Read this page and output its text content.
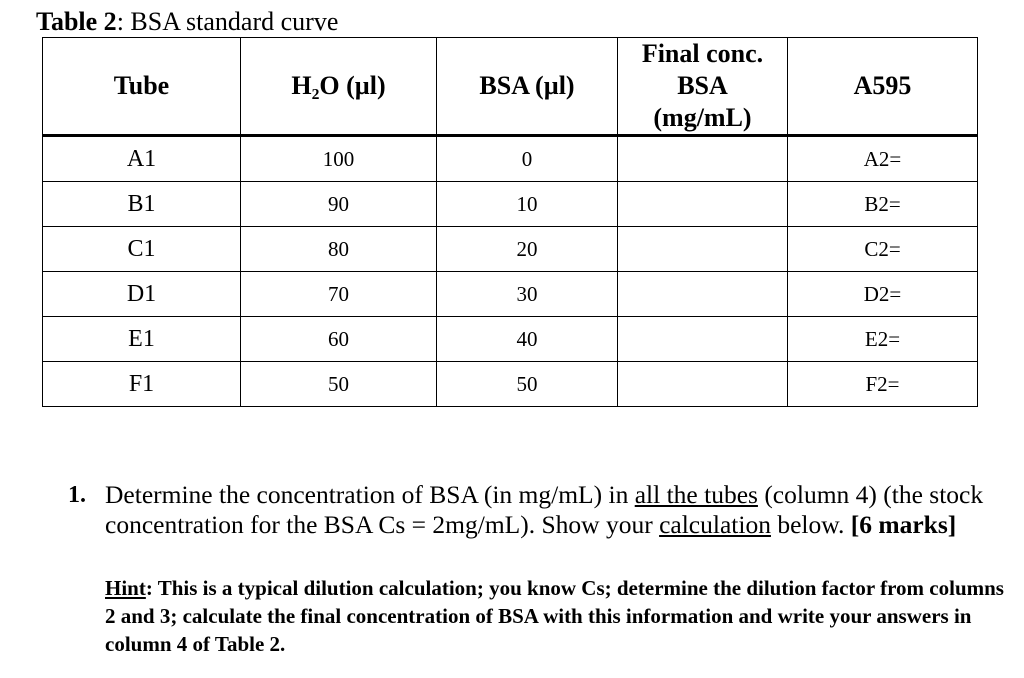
Table 2: BSA standard curve
Tube	H₂O (µl)	BSA (µl)	Final conc.
BSA
(mg/mL)	A595
A1	100	0		A2=
B1	90	10		B2=
C1	80	20		C2=
D1	70	30		D2=
E1	60	40		E2=
F1	50	50		F2=
1. Determine the concentration of BSA (in mg/mL) in all the tubes (column 4) (the stock concentration for the BSA Cs = 2mg/mL). Show your calculation below. [6 marks]
Hint: This is a typical dilution calculation; you know Cs; determine the dilution factor from columns 2 and 3; calculate the final concentration of BSA with this information and write your answers in column 4 of Table 2.
